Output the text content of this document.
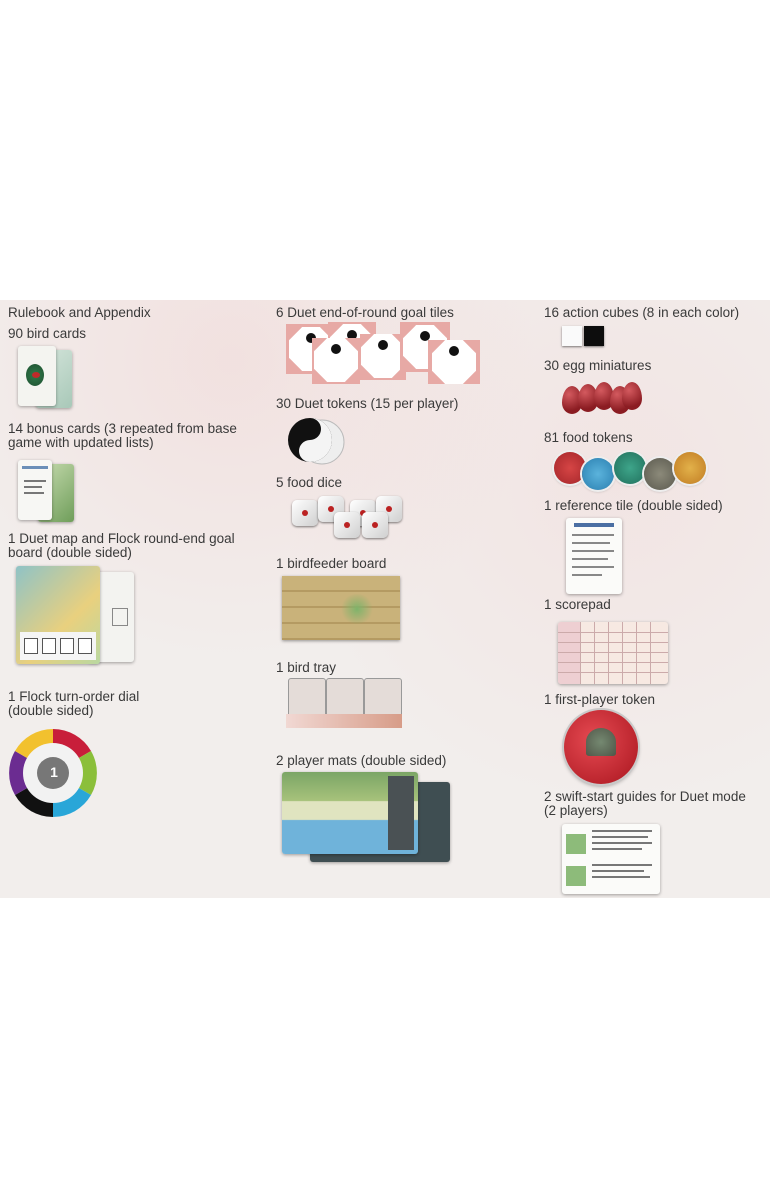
Rulebook and Appendix
90 bird cards
14 bonus cards (3 repeated from base
game with updated lists)
1 Duet map and Flock round-end goal
board (double sided)
1 Flock turn-order dial
(double sided)
1
6 Duet end-of-round goal tiles
30 Duet tokens (15 per player)
5 food dice
1 birdfeeder board
1 bird tray
2 player mats (double sided)
16 action cubes (8 in each color)
30 egg miniatures
81 food tokens
1 reference tile (double sided)
1 scorepad
1 first-player token
2 swift-start guides for Duet mode
(2 players)
